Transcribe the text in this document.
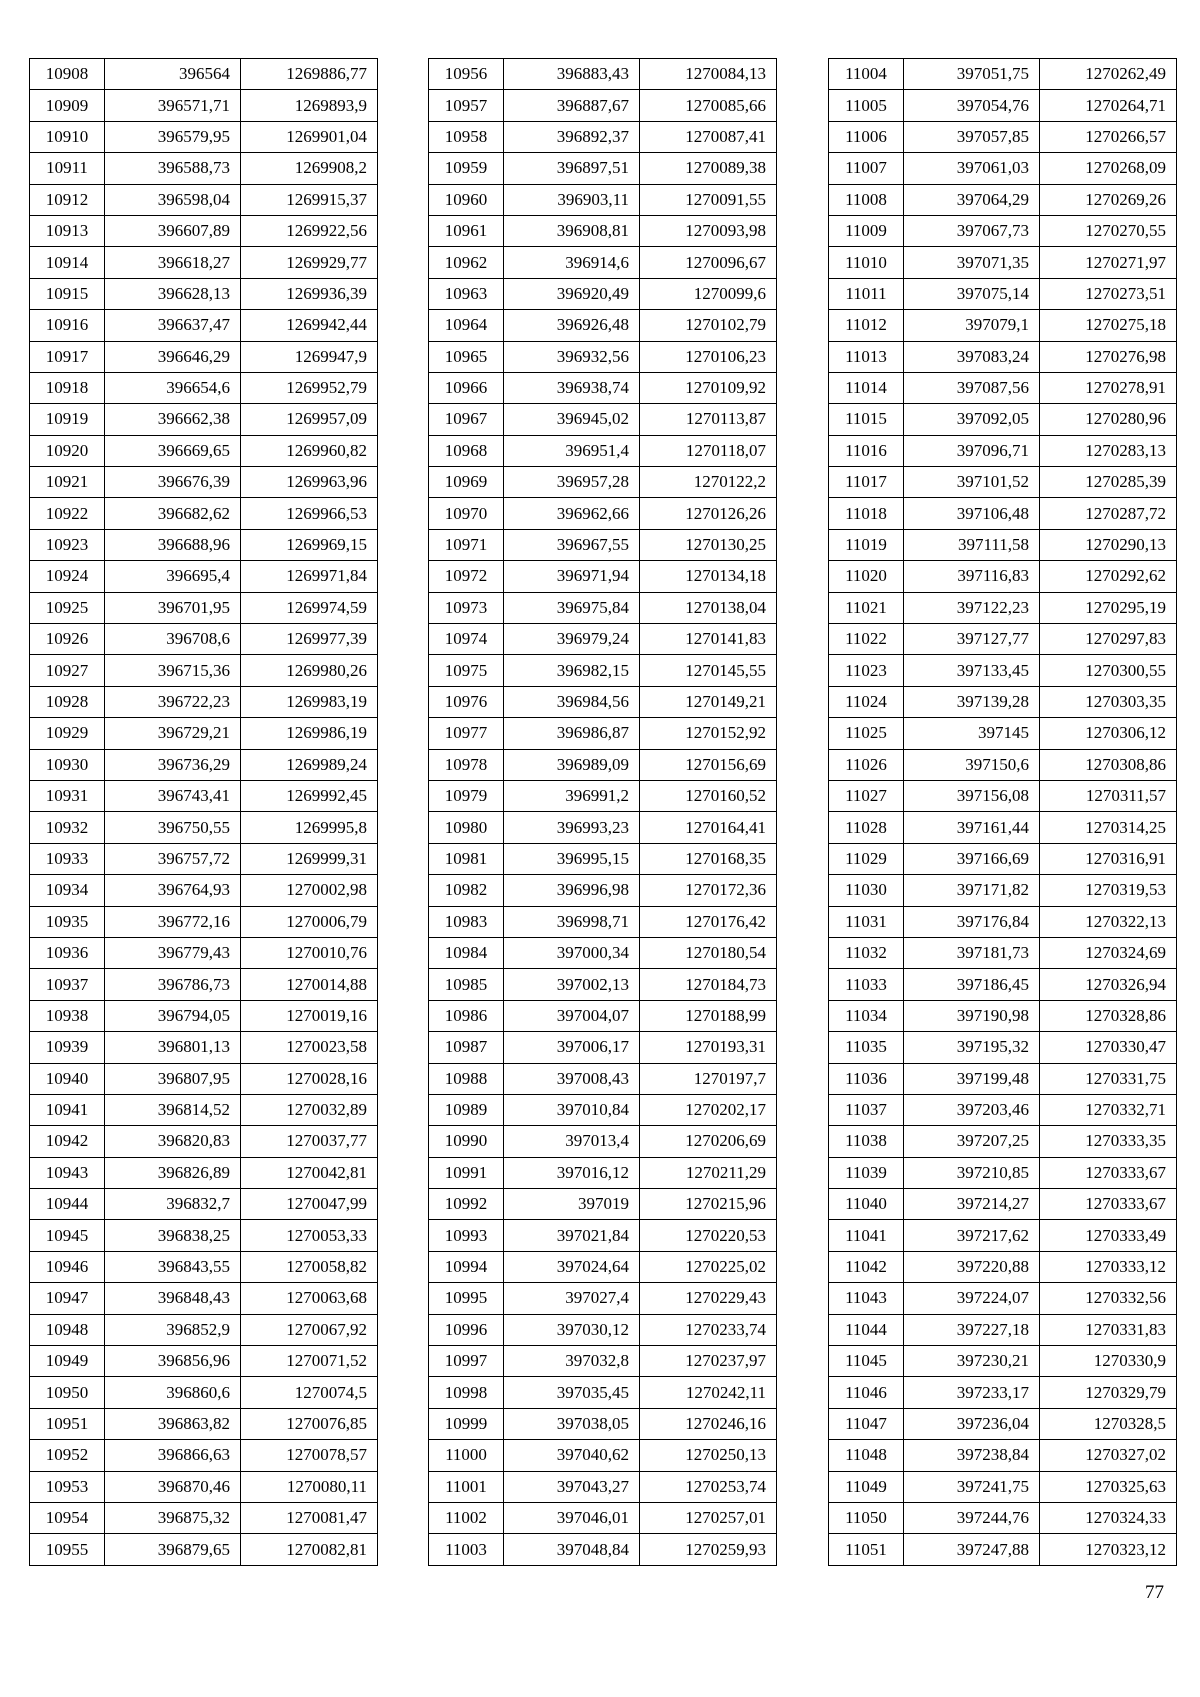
10908	396564	1269886,77
10909	396571,71	1269893,9
10910	396579,95	1269901,04
10911	396588,73	1269908,2
10912	396598,04	1269915,37
10913	396607,89	1269922,56
10914	396618,27	1269929,77
10915	396628,13	1269936,39
10916	396637,47	1269942,44
10917	396646,29	1269947,9
10918	396654,6	1269952,79
10919	396662,38	1269957,09
10920	396669,65	1269960,82
10921	396676,39	1269963,96
10922	396682,62	1269966,53
10923	396688,96	1269969,15
10924	396695,4	1269971,84
10925	396701,95	1269974,59
10926	396708,6	1269977,39
10927	396715,36	1269980,26
10928	396722,23	1269983,19
10929	396729,21	1269986,19
10930	396736,29	1269989,24
10931	396743,41	1269992,45
10932	396750,55	1269995,8
10933	396757,72	1269999,31
10934	396764,93	1270002,98
10935	396772,16	1270006,79
10936	396779,43	1270010,76
10937	396786,73	1270014,88
10938	396794,05	1270019,16
10939	396801,13	1270023,58
10940	396807,95	1270028,16
10941	396814,52	1270032,89
10942	396820,83	1270037,77
10943	396826,89	1270042,81
10944	396832,7	1270047,99
10945	396838,25	1270053,33
10946	396843,55	1270058,82
10947	396848,43	1270063,68
10948	396852,9	1270067,92
10949	396856,96	1270071,52
10950	396860,6	1270074,5
10951	396863,82	1270076,85
10952	396866,63	1270078,57
10953	396870,46	1270080,11
10954	396875,32	1270081,47
10955	396879,65	1270082,81
10956	396883,43	1270084,13
10957	396887,67	1270085,66
10958	396892,37	1270087,41
10959	396897,51	1270089,38
10960	396903,11	1270091,55
10961	396908,81	1270093,98
10962	396914,6	1270096,67
10963	396920,49	1270099,6
10964	396926,48	1270102,79
10965	396932,56	1270106,23
10966	396938,74	1270109,92
10967	396945,02	1270113,87
10968	396951,4	1270118,07
10969	396957,28	1270122,2
10970	396962,66	1270126,26
10971	396967,55	1270130,25
10972	396971,94	1270134,18
10973	396975,84	1270138,04
10974	396979,24	1270141,83
10975	396982,15	1270145,55
10976	396984,56	1270149,21
10977	396986,87	1270152,92
10978	396989,09	1270156,69
10979	396991,2	1270160,52
10980	396993,23	1270164,41
10981	396995,15	1270168,35
10982	396996,98	1270172,36
10983	396998,71	1270176,42
10984	397000,34	1270180,54
10985	397002,13	1270184,73
10986	397004,07	1270188,99
10987	397006,17	1270193,31
10988	397008,43	1270197,7
10989	397010,84	1270202,17
10990	397013,4	1270206,69
10991	397016,12	1270211,29
10992	397019	1270215,96
10993	397021,84	1270220,53
10994	397024,64	1270225,02
10995	397027,4	1270229,43
10996	397030,12	1270233,74
10997	397032,8	1270237,97
10998	397035,45	1270242,11
10999	397038,05	1270246,16
11000	397040,62	1270250,13
11001	397043,27	1270253,74
11002	397046,01	1270257,01
11003	397048,84	1270259,93
11004	397051,75	1270262,49
11005	397054,76	1270264,71
11006	397057,85	1270266,57
11007	397061,03	1270268,09
11008	397064,29	1270269,26
11009	397067,73	1270270,55
11010	397071,35	1270271,97
11011	397075,14	1270273,51
11012	397079,1	1270275,18
11013	397083,24	1270276,98
11014	397087,56	1270278,91
11015	397092,05	1270280,96
11016	397096,71	1270283,13
11017	397101,52	1270285,39
11018	397106,48	1270287,72
11019	397111,58	1270290,13
11020	397116,83	1270292,62
11021	397122,23	1270295,19
11022	397127,77	1270297,83
11023	397133,45	1270300,55
11024	397139,28	1270303,35
11025	397145	1270306,12
11026	397150,6	1270308,86
11027	397156,08	1270311,57
11028	397161,44	1270314,25
11029	397166,69	1270316,91
11030	397171,82	1270319,53
11031	397176,84	1270322,13
11032	397181,73	1270324,69
11033	397186,45	1270326,94
11034	397190,98	1270328,86
11035	397195,32	1270330,47
11036	397199,48	1270331,75
11037	397203,46	1270332,71
11038	397207,25	1270333,35
11039	397210,85	1270333,67
11040	397214,27	1270333,67
11041	397217,62	1270333,49
11042	397220,88	1270333,12
11043	397224,07	1270332,56
11044	397227,18	1270331,83
11045	397230,21	1270330,9
11046	397233,17	1270329,79
11047	397236,04	1270328,5
11048	397238,84	1270327,02
11049	397241,75	1270325,63
11050	397244,76	1270324,33
11051	397247,88	1270323,12
77
